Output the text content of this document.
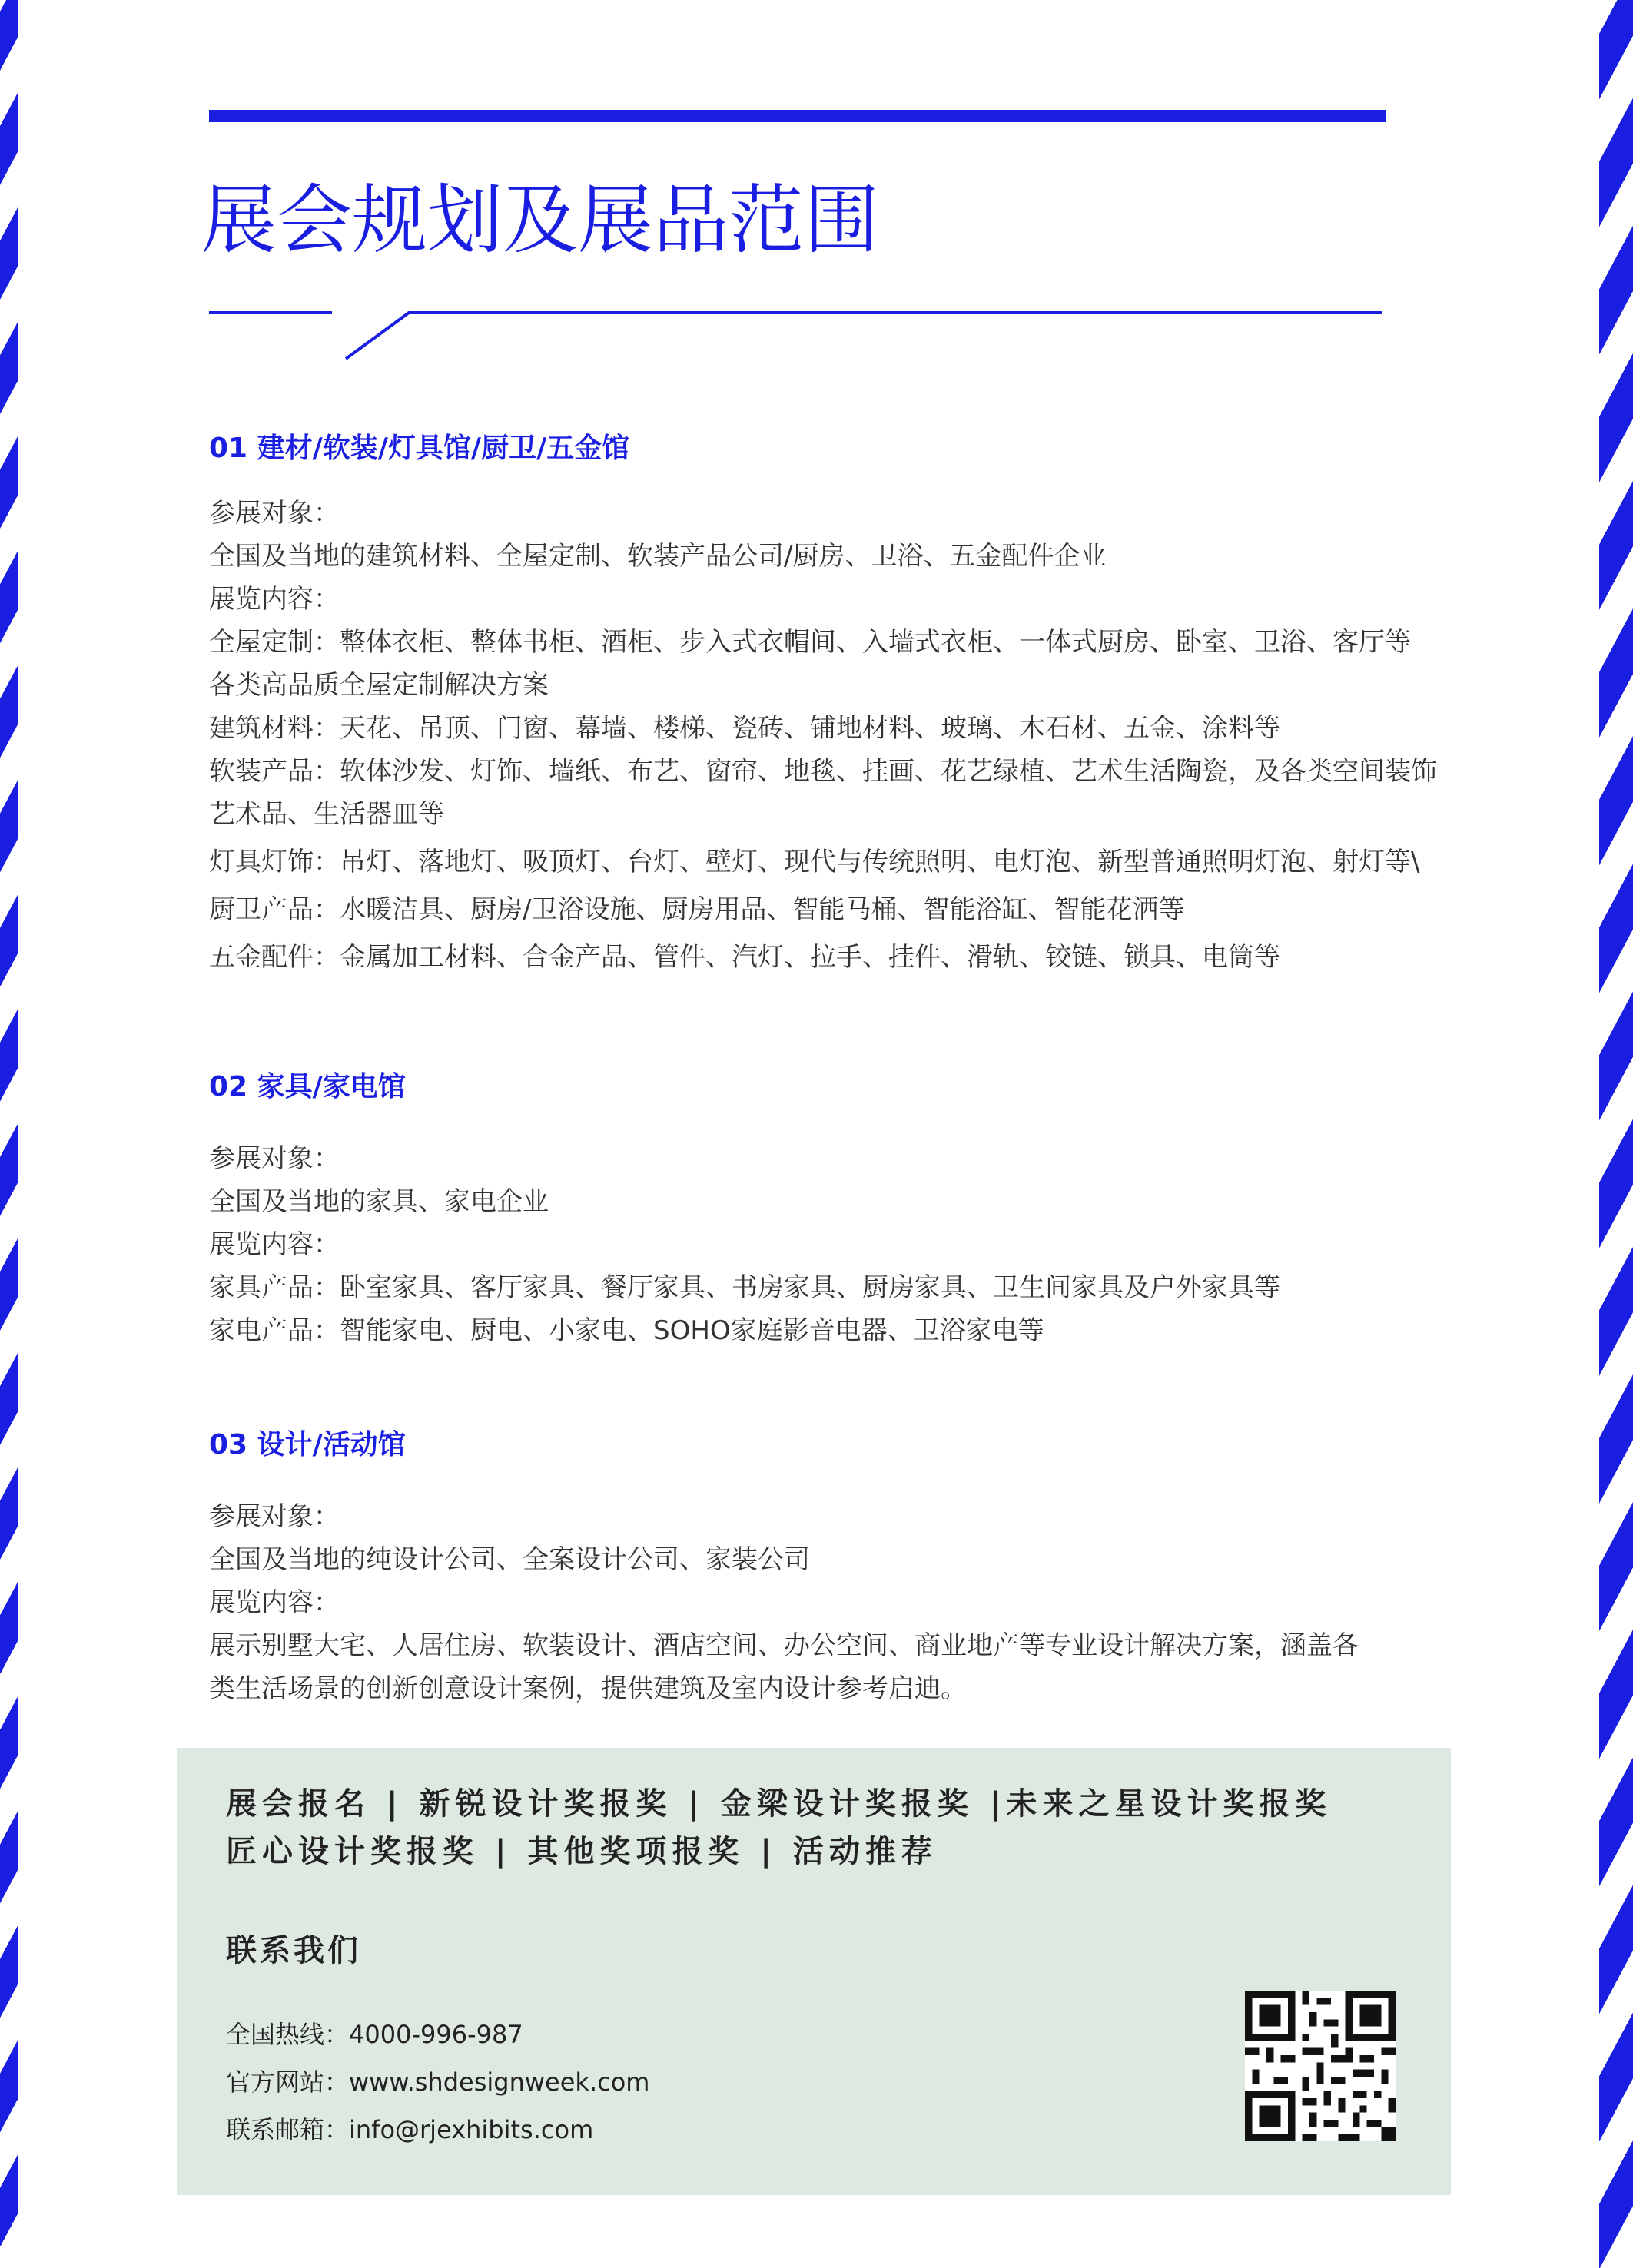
展会规划及展品范围
01 建材/软装/灯具馆/厨卫/五金馆
参展对象：
全国及当地的建筑材料、全屋定制、软装产品公司/厨房、卫浴、五金配件企业
展览内容：
全屋定制：整体衣柜、整体书柜、酒柜、步入式衣帽间、入墙式衣柜、一体式厨房、卧室、卫浴、客厅等
各类高品质全屋定制解决方案
建筑材料：天花、吊顶、门窗、幕墙、楼梯、瓷砖、铺地材料、玻璃、木石材、五金、涂料等
软装产品：软体沙发、灯饰、墙纸、布艺、窗帘、地毯、挂画、花艺绿植、艺术生活陶瓷，及各类空间装饰
艺术品、生活器皿等
灯具灯饰：吊灯、落地灯、吸顶灯、台灯、壁灯、现代与传统照明、电灯泡、新型普通照明灯泡、射灯等\
厨卫产品：水暖洁具、厨房/卫浴设施、厨房用品、智能马桶、智能浴缸、智能花洒等
五金配件：金属加工材料、合金产品、管件、汽灯、拉手、挂件、滑轨、铰链、锁具、电筒等
02 家具/家电馆
参展对象：
全国及当地的家具、家电企业
展览内容：
家具产品：卧室家具、客厅家具、餐厅家具、书房家具、厨房家具、卫生间家具及户外家具等
家电产品：智能家电、厨电、小家电、SOHO家庭影音电器、卫浴家电等
03 设计/活动馆
参展对象：
全国及当地的纯设计公司、全案设计公司、家装公司
展览内容：
展示别墅大宅、人居住房、软装设计、酒店空间、办公空间、商业地产等专业设计解决方案，涵盖各
类生活场景的创新创意设计案例，提供建筑及室内设计参考启迪。
展会报名 | 新锐设计奖报奖 | 金梁设计奖报奖 |未来之星设计奖报奖
匠心设计奖报奖 | 其他奖项报奖 | 活动推荐
联系我们
全国热线：4000-996-987
官方网站：www.shdesignweek.com
联系邮箱：info@rjexhibits.com
